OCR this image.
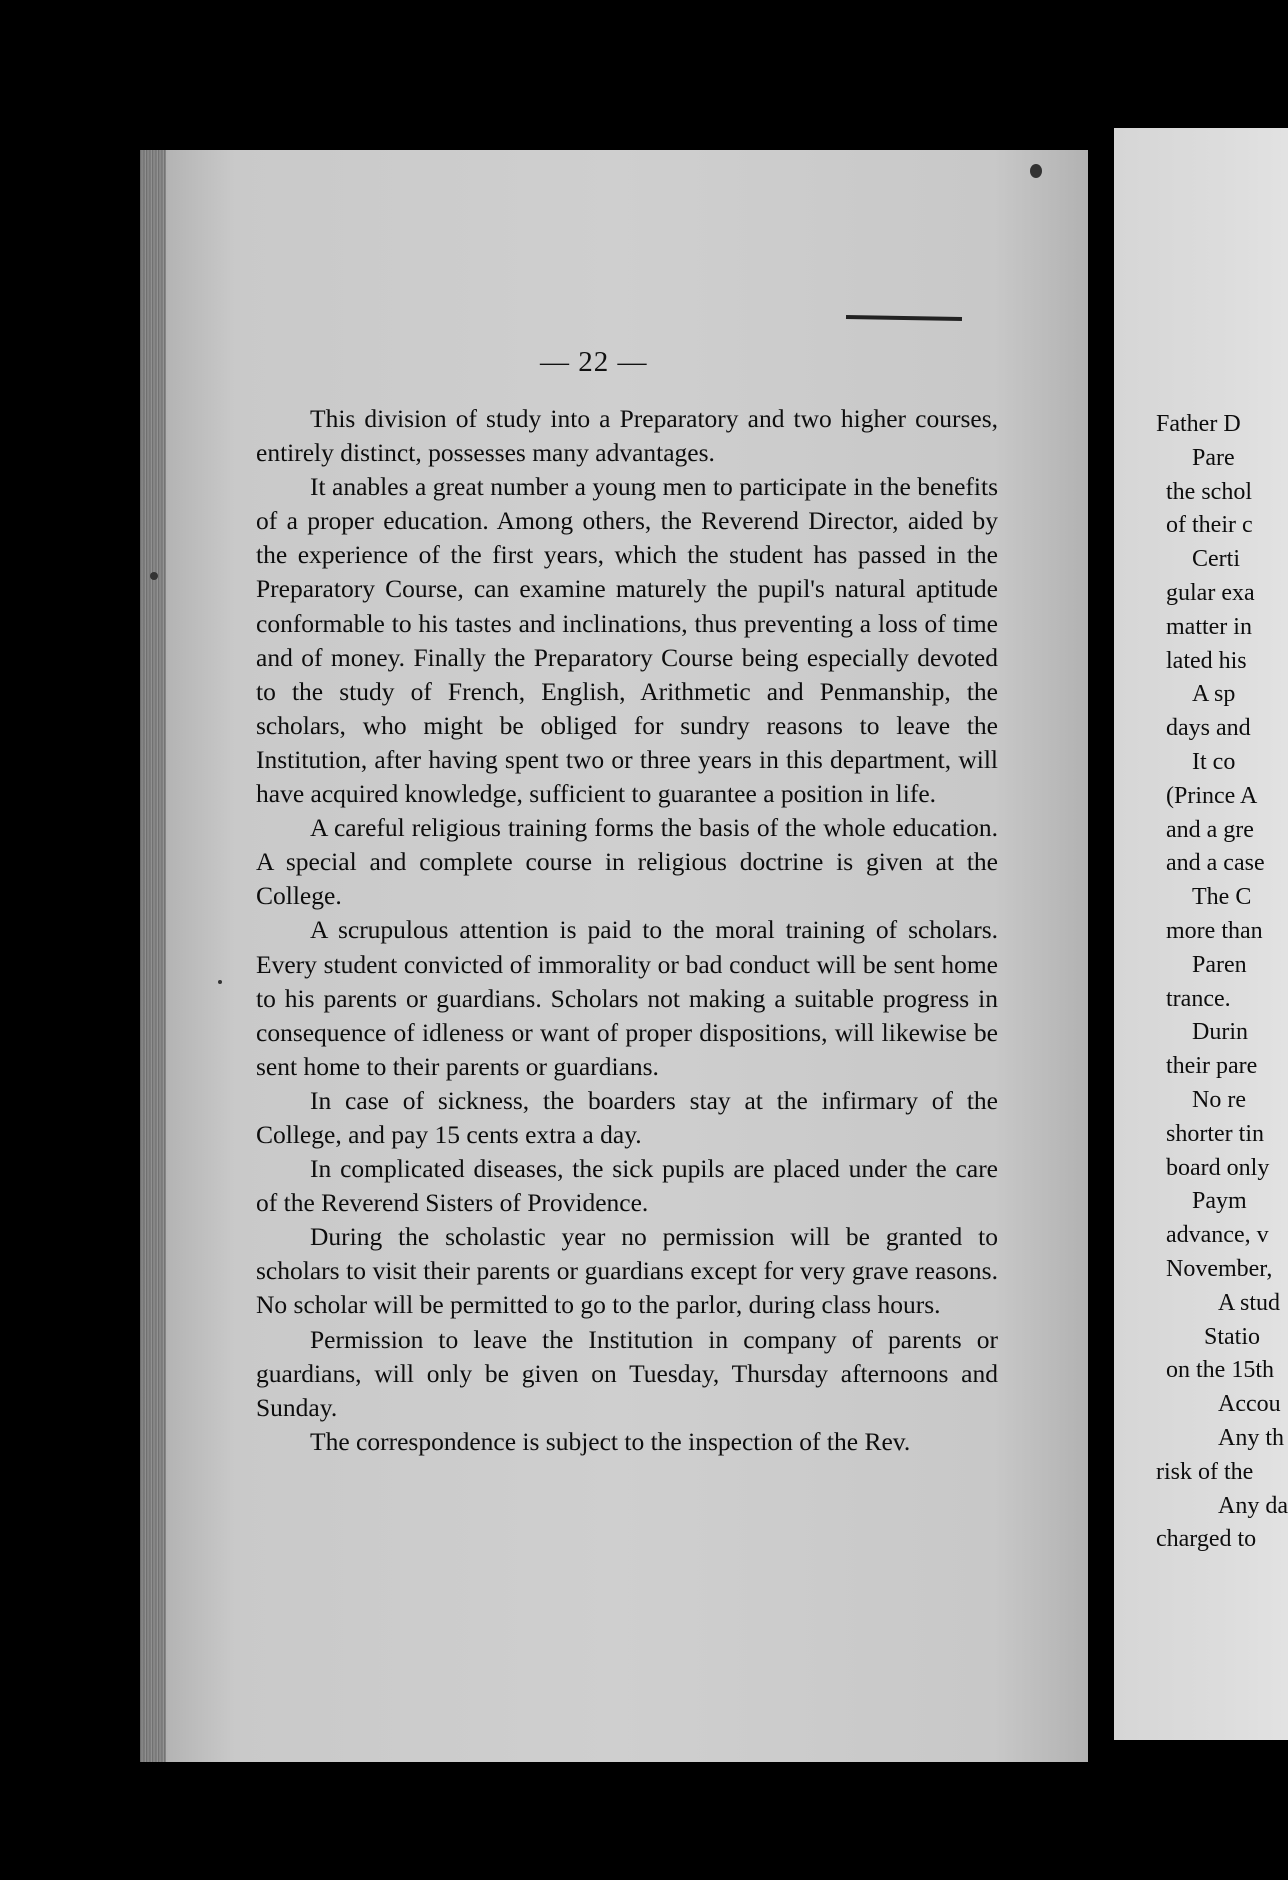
— 22 —

This division of study into a Preparatory and two higher courses, entirely distinct, possesses many advantages.

It anables a great number a young men to participate in the benefits of a proper education. Among others, the Reverend Director, aided by the experience of the first years, which the student has passed in the Preparatory Course, can examine maturely the pupil's natural aptitude conformable to his tastes and inclinations, thus preventing a loss of time and of money. Finally the Preparatory Course being especially devoted to the study of French, English, Arithmetic and Penmanship, the scholars, who might be obliged for sundry reasons to leave the Institution, after having spent two or three years in this department, will have acquired knowledge, sufficient to guarantee a position in life.

A careful religious training forms the basis of the whole education. A special and complete course in religious doctrine is given at the College.

A scrupulous attention is paid to the moral training of scholars. Every student convicted of immorality or bad conduct will be sent home to his parents or guardians. Scholars not making a suitable progress in consequence of idleness or want of proper dispositions, will likewise be sent home to their parents or guardians.

In case of sickness, the boarders stay at the infirmary of the College, and pay 15 cents extra a day.

In complicated diseases, the sick pupils are placed under the care of the Reverend Sisters of Providence.

During the scholastic year no permission will be granted to scholars to visit their parents or guardians except for very grave reasons. No scholar will be permitted to go to the parlor, during class hours.

Permission to leave the Institution in company of parents or guardians, will only be given on Tuesday, Thursday afternoons and Sunday.

The correspondence is subject to the inspection of the Rev.

Father D
Pare
the schol
of their c
Certi
gular exa
matter in
lated his
A sp
days and
It co
(Prince A
and a gre
and a case
The C
more than
Paren
trance.
Durin
their pare
No re
shorter tin
board only
Paym
advance, v
November,
A stud
Statio
on the 15th
Accou
Any th
risk of the
Any da
charged to
